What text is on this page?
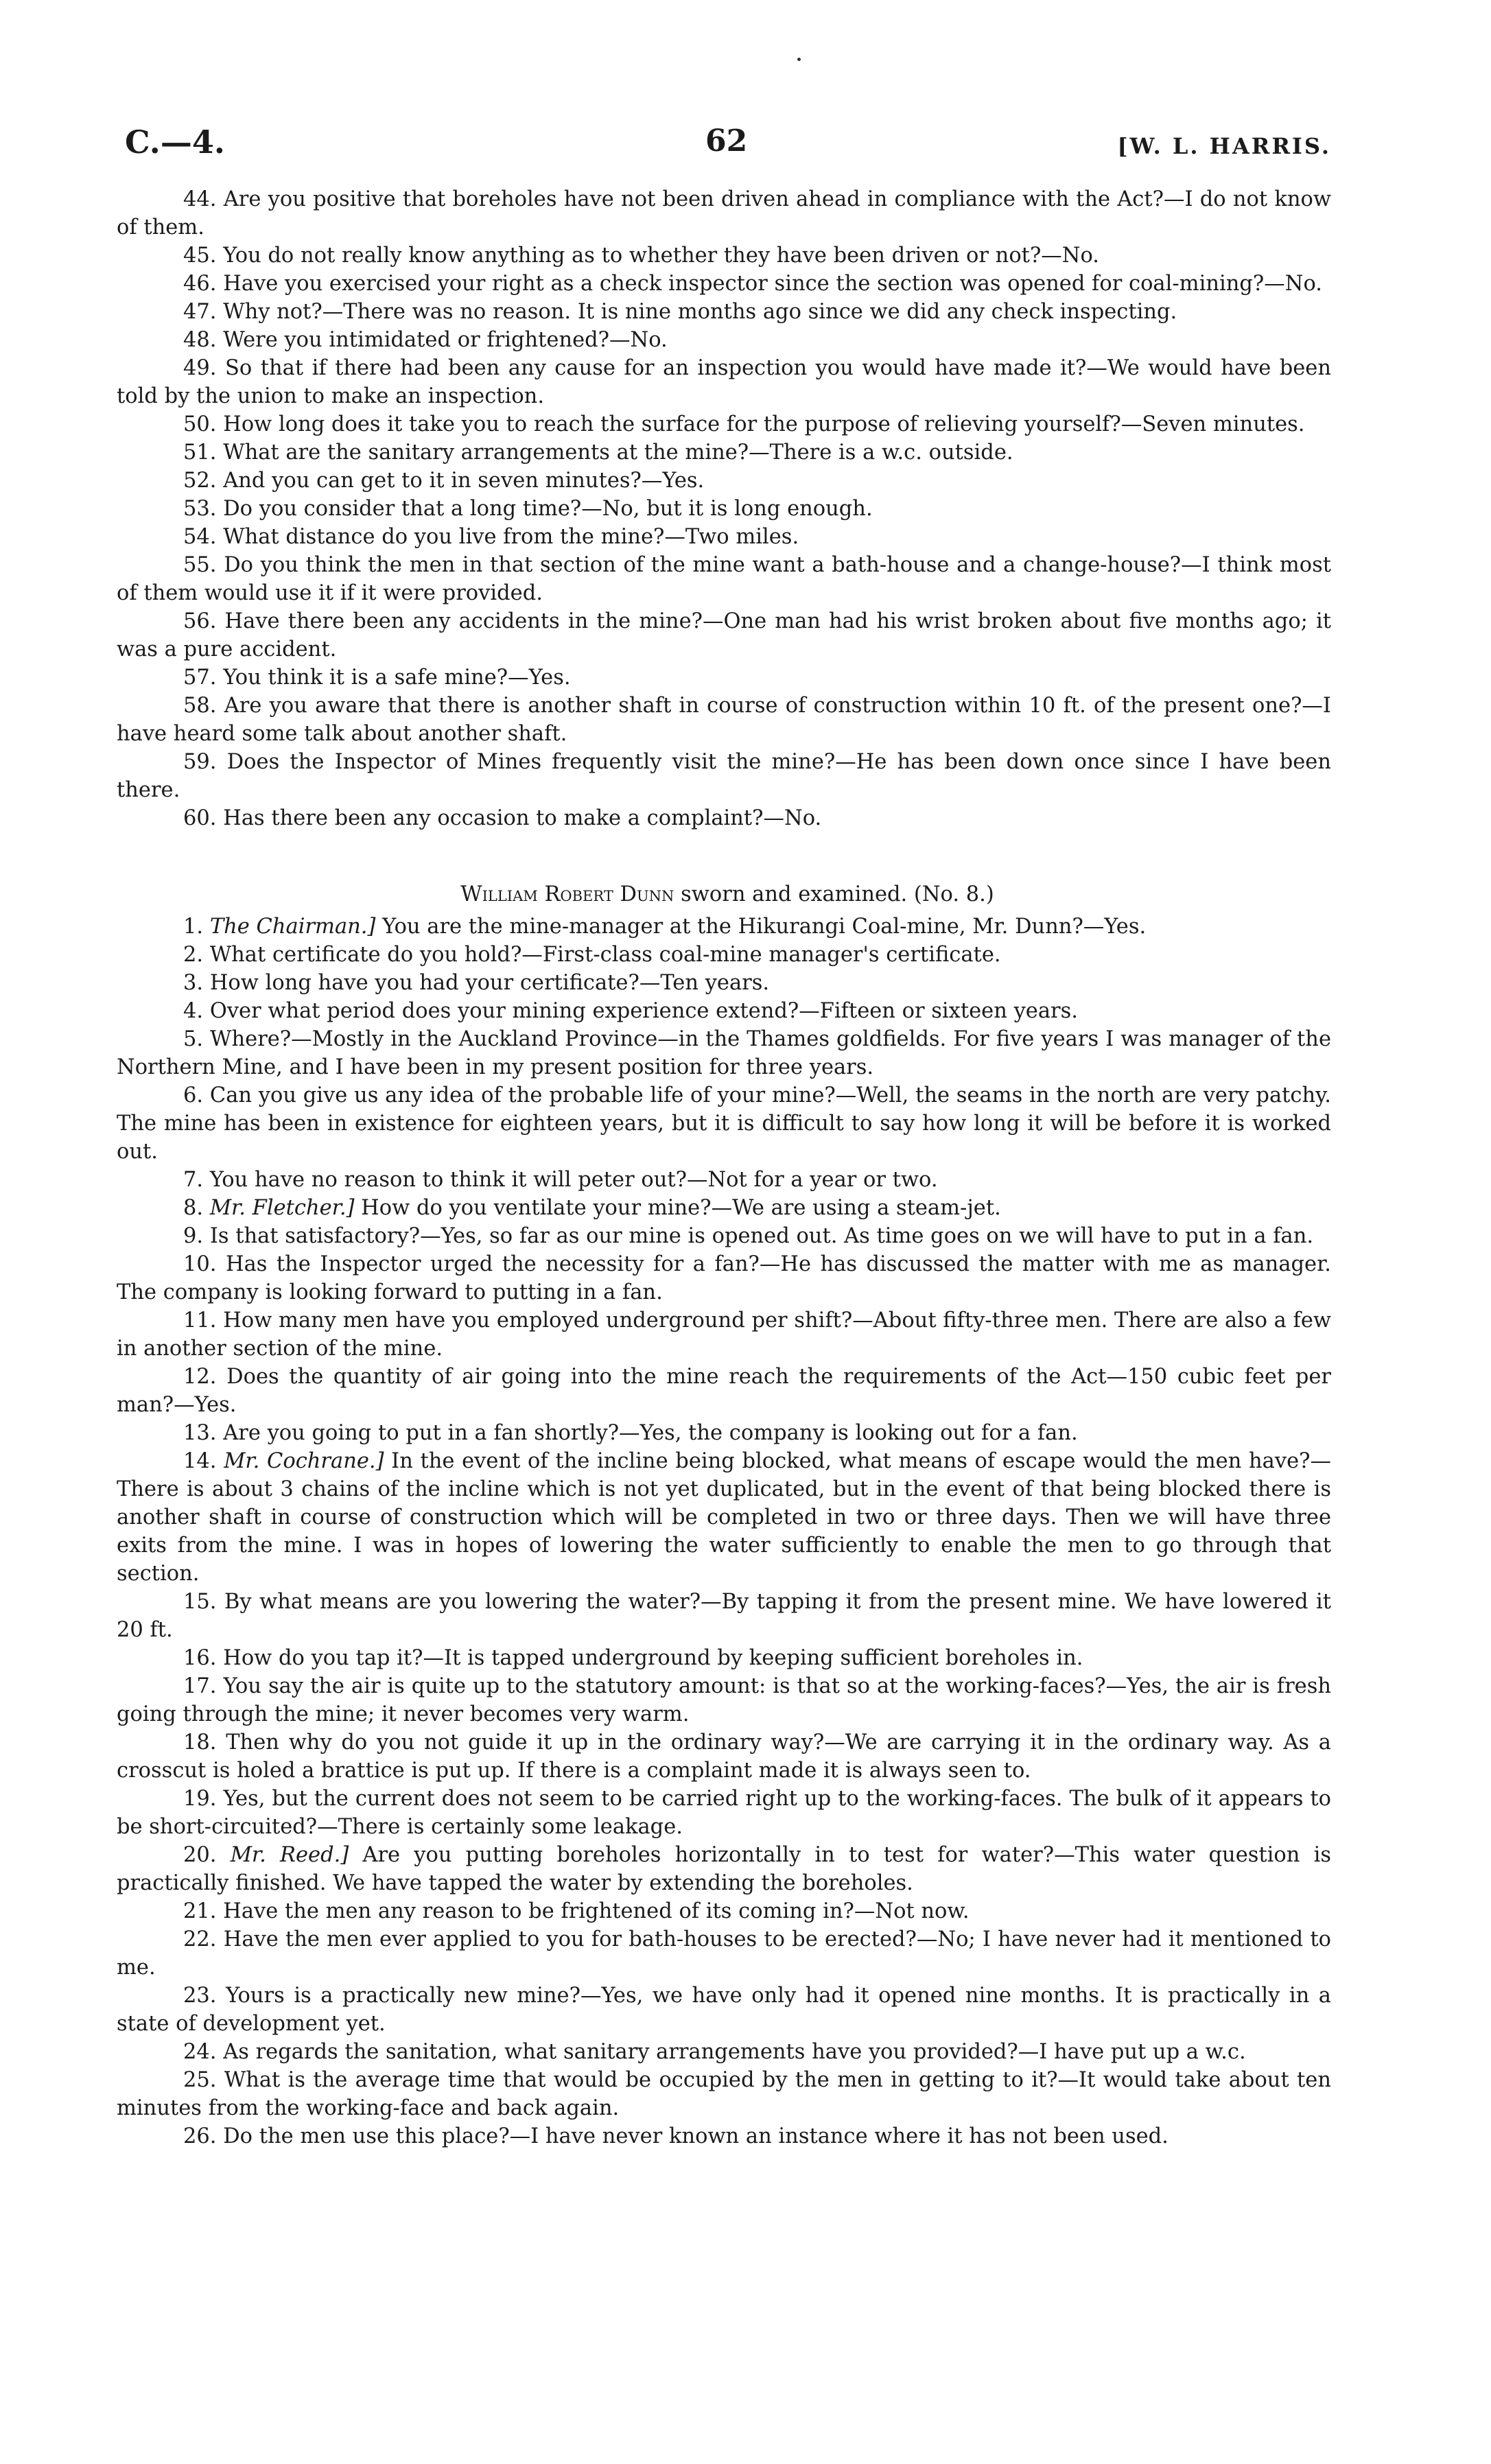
C.—4.	62	[W. L. HARRIS.

44. Are you positive that boreholes have not been driven ahead in compliance with the Act?—I do not know of them.

45. You do not really know anything as to whether they have been driven or not?—No.

46. Have you exercised your right as a check inspector since the section was opened for coal-mining?—No.

47. Why not?—There was no reason. It is nine months ago since we did any check inspecting.

48. Were you intimidated or frightened?—No.

49. So that if there had been any cause for an inspection you would have made it?—We would have been told by the union to make an inspection.

50. How long does it take you to reach the surface for the purpose of relieving yourself?—Seven minutes.

51. What are the sanitary arrangements at the mine?—There is a w.c. outside.

52. And you can get to it in seven minutes?—Yes.

53. Do you consider that a long time?—No, but it is long enough.

54. What distance do you live from the mine?—Two miles.

55. Do you think the men in that section of the mine want a bath-house and a change-house?—I think most of them would use it if it were provided.

56. Have there been any accidents in the mine?—One man had his wrist broken about five months ago; it was a pure accident.

57. You think it is a safe mine?—Yes.

58. Are you aware that there is another shaft in course of construction within 10 ft. of the present one?—I have heard some talk about another shaft.

59. Does the Inspector of Mines frequently visit the mine?—He has been down once since I have been there.

60. Has there been any occasion to make a complaint?—No.

William Robert Dunn sworn and examined. (No. 8.)

1. The Chairman.] You are the mine-manager at the Hikurangi Coal-mine, Mr. Dunn?—Yes.

2. What certificate do you hold?—First-class coal-mine manager's certificate.

3. How long have you had your certificate?—Ten years.

4. Over what period does your mining experience extend?—Fifteen or sixteen years.

5. Where?—Mostly in the Auckland Province—in the Thames goldfields. For five years I was manager of the Northern Mine, and I have been in my present position for three years.

6. Can you give us any idea of the probable life of your mine?—Well, the seams in the north are very patchy. The mine has been in existence for eighteen years, but it is difficult to say how long it will be before it is worked out.

7. You have no reason to think it will peter out?—Not for a year or two.

8. Mr. Fletcher.] How do you ventilate your mine?—We are using a steam-jet.

9. Is that satisfactory?—Yes, so far as our mine is opened out. As time goes on we will have to put in a fan.

10. Has the Inspector urged the necessity for a fan?—He has discussed the matter with me as manager. The company is looking forward to putting in a fan.

11. How many men have you employed underground per shift?—About fifty-three men. There are also a few in another section of the mine.

12. Does the quantity of air going into the mine reach the requirements of the Act—150 cubic feet per man?—Yes.

13. Are you going to put in a fan shortly?—Yes, the company is looking out for a fan.

14. Mr. Cochrane.] In the event of the incline being blocked, what means of escape would the men have?—There is about 3 chains of the incline which is not yet duplicated, but in the event of that being blocked there is another shaft in course of construction which will be completed in two or three days. Then we will have three exits from the mine. I was in hopes of lowering the water sufficiently to enable the men to go through that section.

15. By what means are you lowering the water?—By tapping it from the present mine. We have lowered it 20 ft.

16. How do you tap it?—It is tapped underground by keeping sufficient boreholes in.

17. You say the air is quite up to the statutory amount: is that so at the working-faces?—Yes, the air is fresh going through the mine; it never becomes very warm.

18. Then why do you not guide it up in the ordinary way?—We are carrying it in the ordinary way. As a crosscut is holed a brattice is put up. If there is a complaint made it is always seen to.

19. Yes, but the current does not seem to be carried right up to the working-faces. The bulk of it appears to be short-circuited?—There is certainly some leakage.

20. Mr. Reed.] Are you putting boreholes horizontally in to test for water?—This water question is practically finished. We have tapped the water by extending the boreholes.

21. Have the men any reason to be frightened of its coming in?—Not now.

22. Have the men ever applied to you for bath-houses to be erected?—No; I have never had it mentioned to me.

23. Yours is a practically new mine?—Yes, we have only had it opened nine months. It is practically in a state of development yet.

24. As regards the sanitation, what sanitary arrangements have you provided?—I have put up a w.c.

25. What is the average time that would be occupied by the men in getting to it?—It would take about ten minutes from the working-face and back again.

26. Do the men use this place?—I have never known an instance where it has not been used.
